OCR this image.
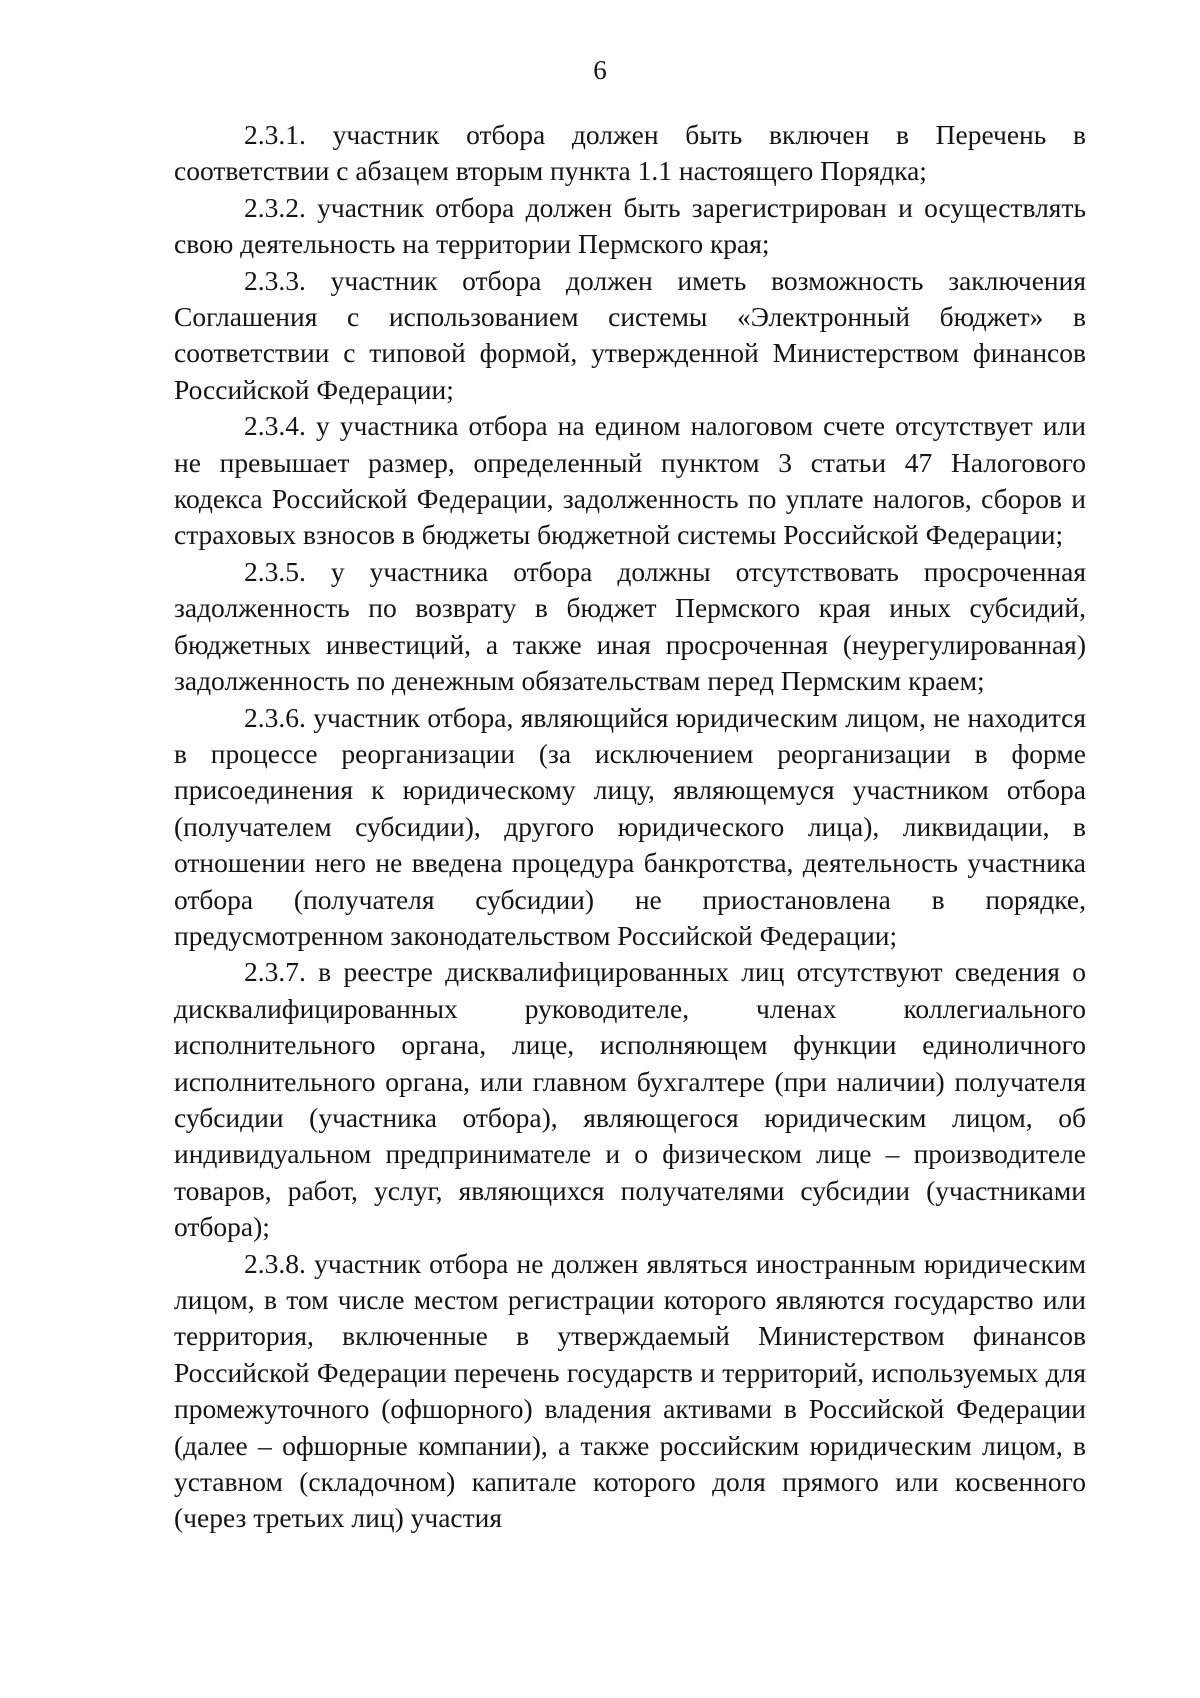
6

2.3.1. участник отбора должен быть включен в Перечень в соответствии с абзацем вторым пункта 1.1 настоящего Порядка;

2.3.2. участник отбора должен быть зарегистрирован и осуществлять свою деятельность на территории Пермского края;

2.3.3. участник отбора должен иметь возможность заключения Соглашения с использованием системы «Электронный бюджет» в соответствии с типовой формой, утвержденной Министерством финансов Российской Федерации;

2.3.4. у участника отбора на едином налоговом счете отсутствует или не превышает размер, определенный пунктом 3 статьи 47 Налогового кодекса Российской Федерации, задолженность по уплате налогов, сборов и страховых взносов в бюджеты бюджетной системы Российской Федерации;

2.3.5. у участника отбора должны отсутствовать просроченная задолженность по возврату в бюджет Пермского края иных субсидий, бюджетных инвестиций, а также иная просроченная (неурегулированная) задолженность по денежным обязательствам перед Пермским краем;

2.3.6. участник отбора, являющийся юридическим лицом, не находится в процессе реорганизации (за исключением реорганизации в форме присоединения к юридическому лицу, являющемуся участником отбора (получателем субсидии), другого юридического лица), ликвидации, в отношении него не введена процедура банкротства, деятельность участника отбора (получателя субсидии) не приостановлена в порядке, предусмотренном законодательством Российской Федерации;

2.3.7. в реестре дисквалифицированных лиц отсутствуют сведения о дисквалифицированных руководителе, членах коллегиального исполнительного органа, лице, исполняющем функции единоличного исполнительного органа, или главном бухгалтере (при наличии) получателя субсидии (участника отбора), являющегося юридическим лицом, об индивидуальном предпринимателе и о физическом лице – производителе товаров, работ, услуг, являющихся получателями субсидии (участниками отбора);

2.3.8. участник отбора не должен являться иностранным юридическим лицом, в том числе местом регистрации которого являются государство или территория, включенные в утверждаемый Министерством финансов Российской Федерации перечень государств и территорий, используемых для промежуточного (офшорного) владения активами в Российской Федерации (далее – офшорные компании), а также российским юридическим лицом, в уставном (складочном) капитале которого доля прямого или косвенного (через третьих лиц) участия
